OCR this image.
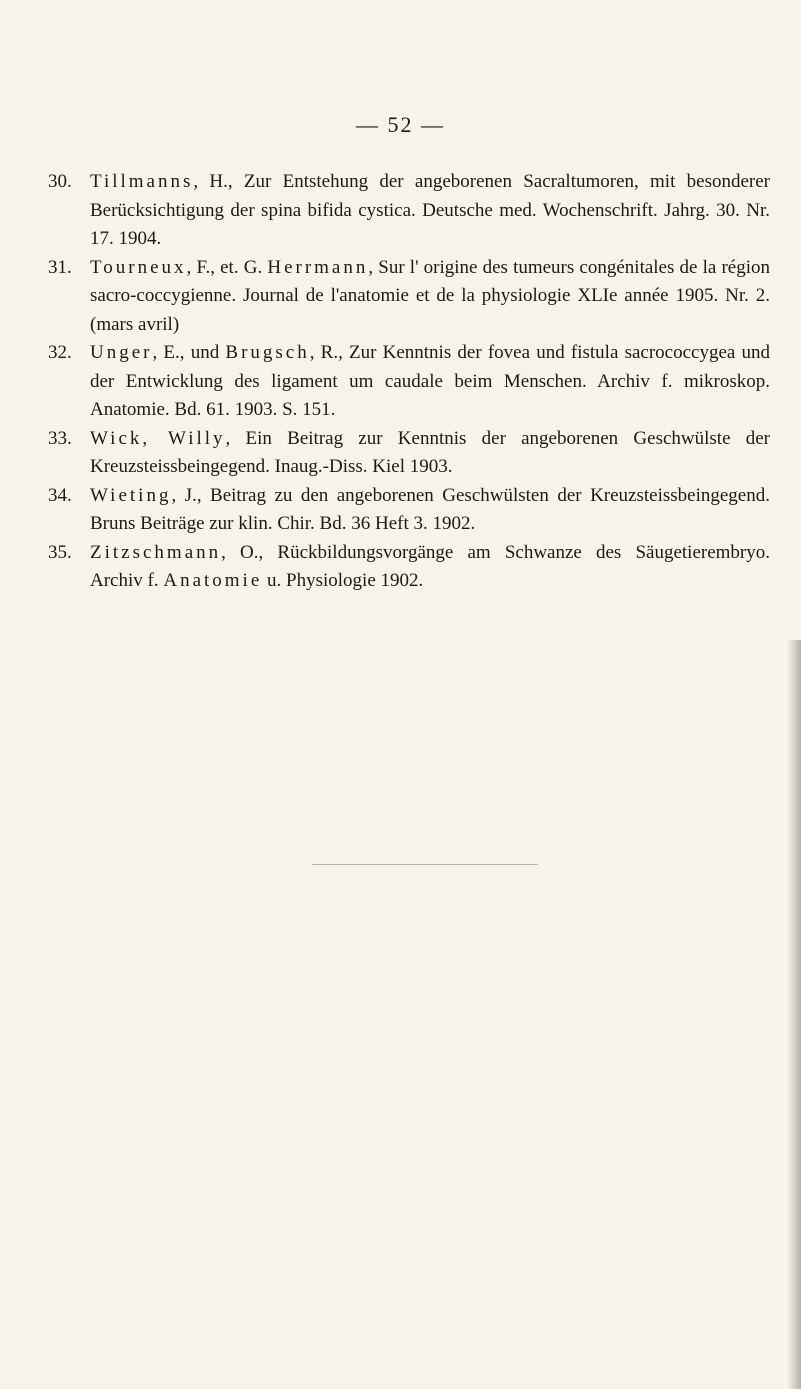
— 52 —
30. Tillmanns, H., Zur Entstehung der angeborenen Sacraltumoren, mit besonderer Berücksichtigung der spina bifida cystica. Deutsche med. Wochenschrift. Jahrg. 30. Nr. 17. 1904.
31. Tourneux, F., et. G. Herrmann, Sur l' origine des tumeurs congénitales de la région sacro-coccygienne. Journal de l'anatomie et de la physiologie XLIe année 1905. Nr. 2. (mars avril)
32. Unger, E., und Brugsch, R., Zur Kenntnis der fovea und fistula sacrococcygea und der Entwicklung des ligament um caudale beim Menschen. Archiv f. mikroskop. Anatomie. Bd. 61. 1903. S. 151.
33. Wick, Willy, Ein Beitrag zur Kenntnis der angeborenen Geschwülste der Kreuzsteissbeingegend. Inaug.-Diss. Kiel 1903.
34. Wieting, J., Beitrag zu den angeborenen Geschwülsten der Kreuzsteissbeingegend. Bruns Beiträge zur klin. Chir. Bd. 36 Heft 3. 1902.
35. Zitzschmann, O., Rückbildungsvorgänge am Schwanze des Säugetierembryo. Archiv f. Anatomie u. Physiologie 1902.
